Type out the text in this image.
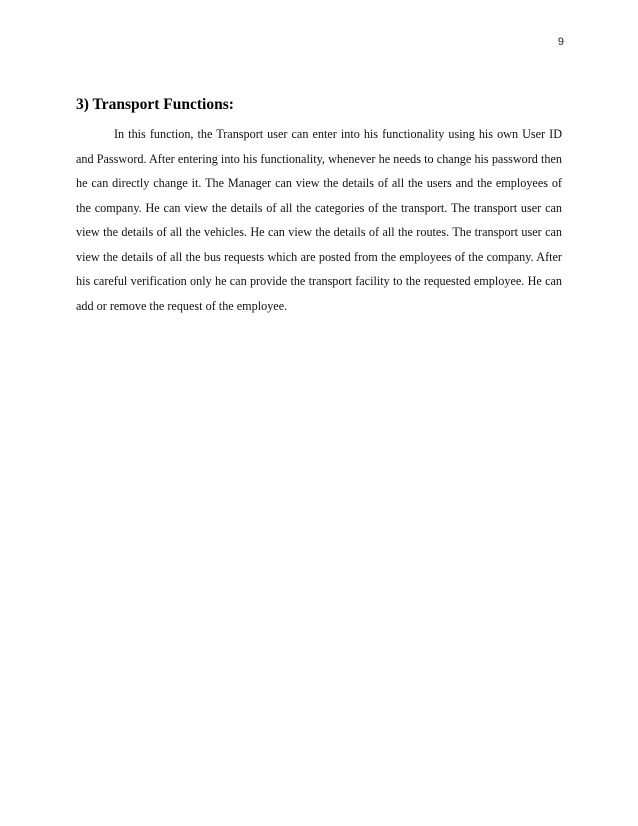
9
3) Transport Functions:

In this function, the Transport user can enter into his functionality using his own User ID and Password. After entering into his functionality, whenever he needs to change his password then he can directly change it. The Manager can view the details of all the users and the employees of the company. He can view the details of all the categories of the transport. The transport user can view the details of all the vehicles. He can view the details of all the routes. The transport user can view the details of all the bus requests which are posted from the employees of the company. After his careful verification only he can provide the transport facility to the requested employee. He can add or remove the request of the employee.
